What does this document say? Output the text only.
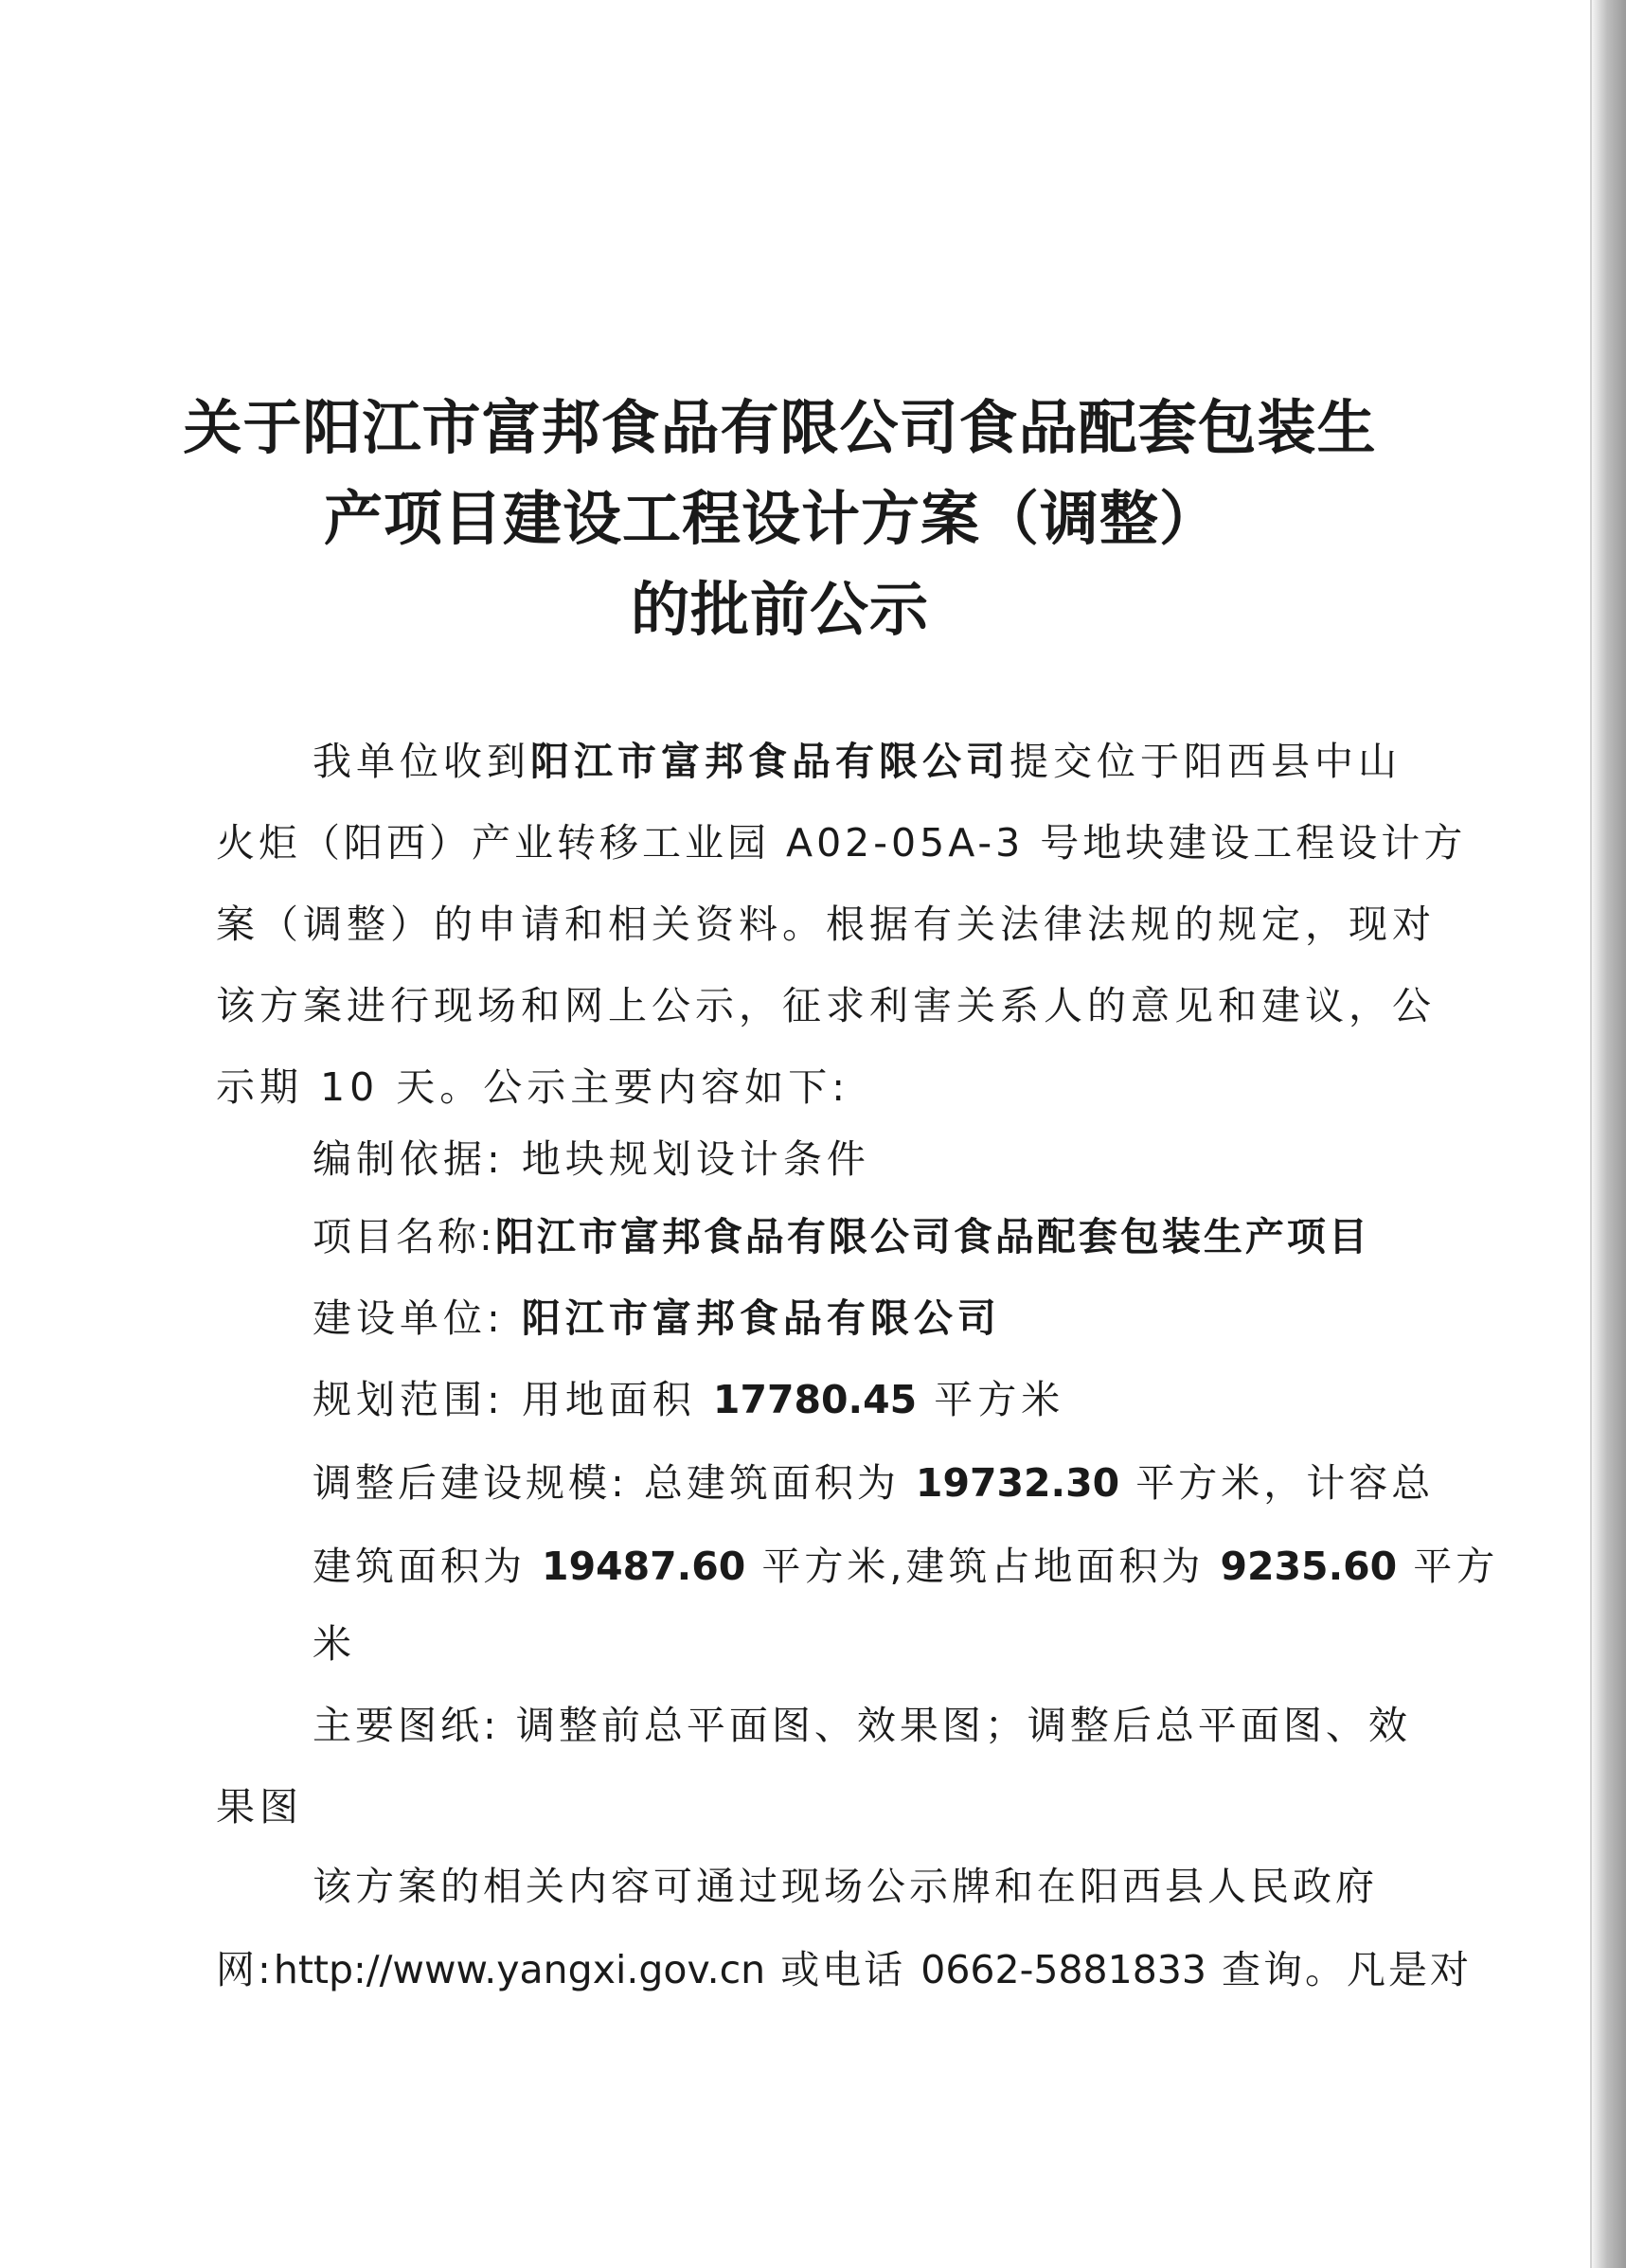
关于阳江市富邦食品有限公司食品配套包装生
产项目建设工程设计方案（调整）
的批前公示
我单位收到阳江市富邦食品有限公司提交位于阳西县中山
火炬（阳西）产业转移工业园 A02-05A-3 号地块建设工程设计方
案（调整）的申请和相关资料。根据有关法律法规的规定，现对
该方案进行现场和网上公示，征求利害关系人的意见和建议，公
示期 10 天。公示主要内容如下:
编制依据: 地块规划设计条件
项目名称:阳江市富邦食品有限公司食品配套包装生产项目
建设单位: 阳江市富邦食品有限公司
规划范围: 用地面积 17780.45 平方米
调整后建设规模: 总建筑面积为 19732.30 平方米，计容总
建筑面积为 19487.60 平方米,建筑占地面积为 9235.60 平方
米
主要图纸: 调整前总平面图、效果图；调整后总平面图、效
果图
该方案的相关内容可通过现场公示牌和在阳西县人民政府
网:http://www.yangxi.gov.cn 或电话 0662-5881833 查询。凡是对
